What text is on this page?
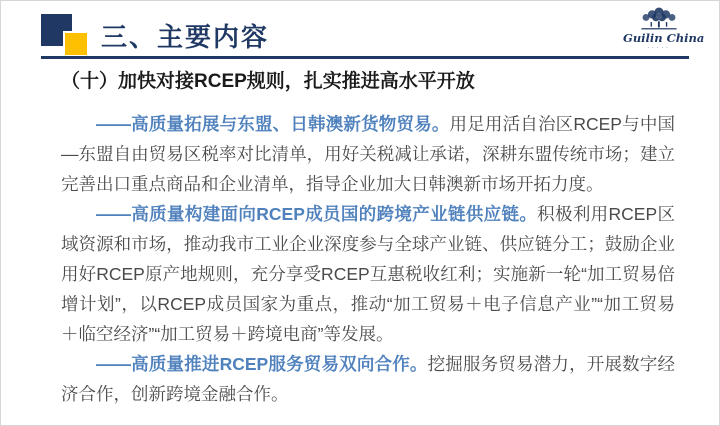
三、主要内容	Guilin China
·····
（十）加快对接RCEP规则，扎实推进高水平开放

——高质量拓展与东盟、日韩澳新货物贸易。用足用活自治区RCEP与中国—东盟自由贸易区税率对比清单，用好关税减让承诺，深耕东盟传统市场；建立完善出口重点商品和企业清单，指导企业加大日韩澳新市场开拓力度。

——高质量构建面向RCEP成员国的跨境产业链供应链。积极利用RCEP区域资源和市场，推动我市工业企业深度参与全球产业链、供应链分工；鼓励企业用好RCEP原产地规则，充分享受RCEP互惠税收红利；实施新一轮“加工贸易倍增计划”，以RCEP成员国家为重点，推动“加工贸易＋电子信息产业”“加工贸易＋临空经济”“加工贸易＋跨境电商”等发展。

——高质量推进RCEP服务贸易双向合作。挖掘服务贸易潜力，开展数字经济合作，创新跨境金融合作。
